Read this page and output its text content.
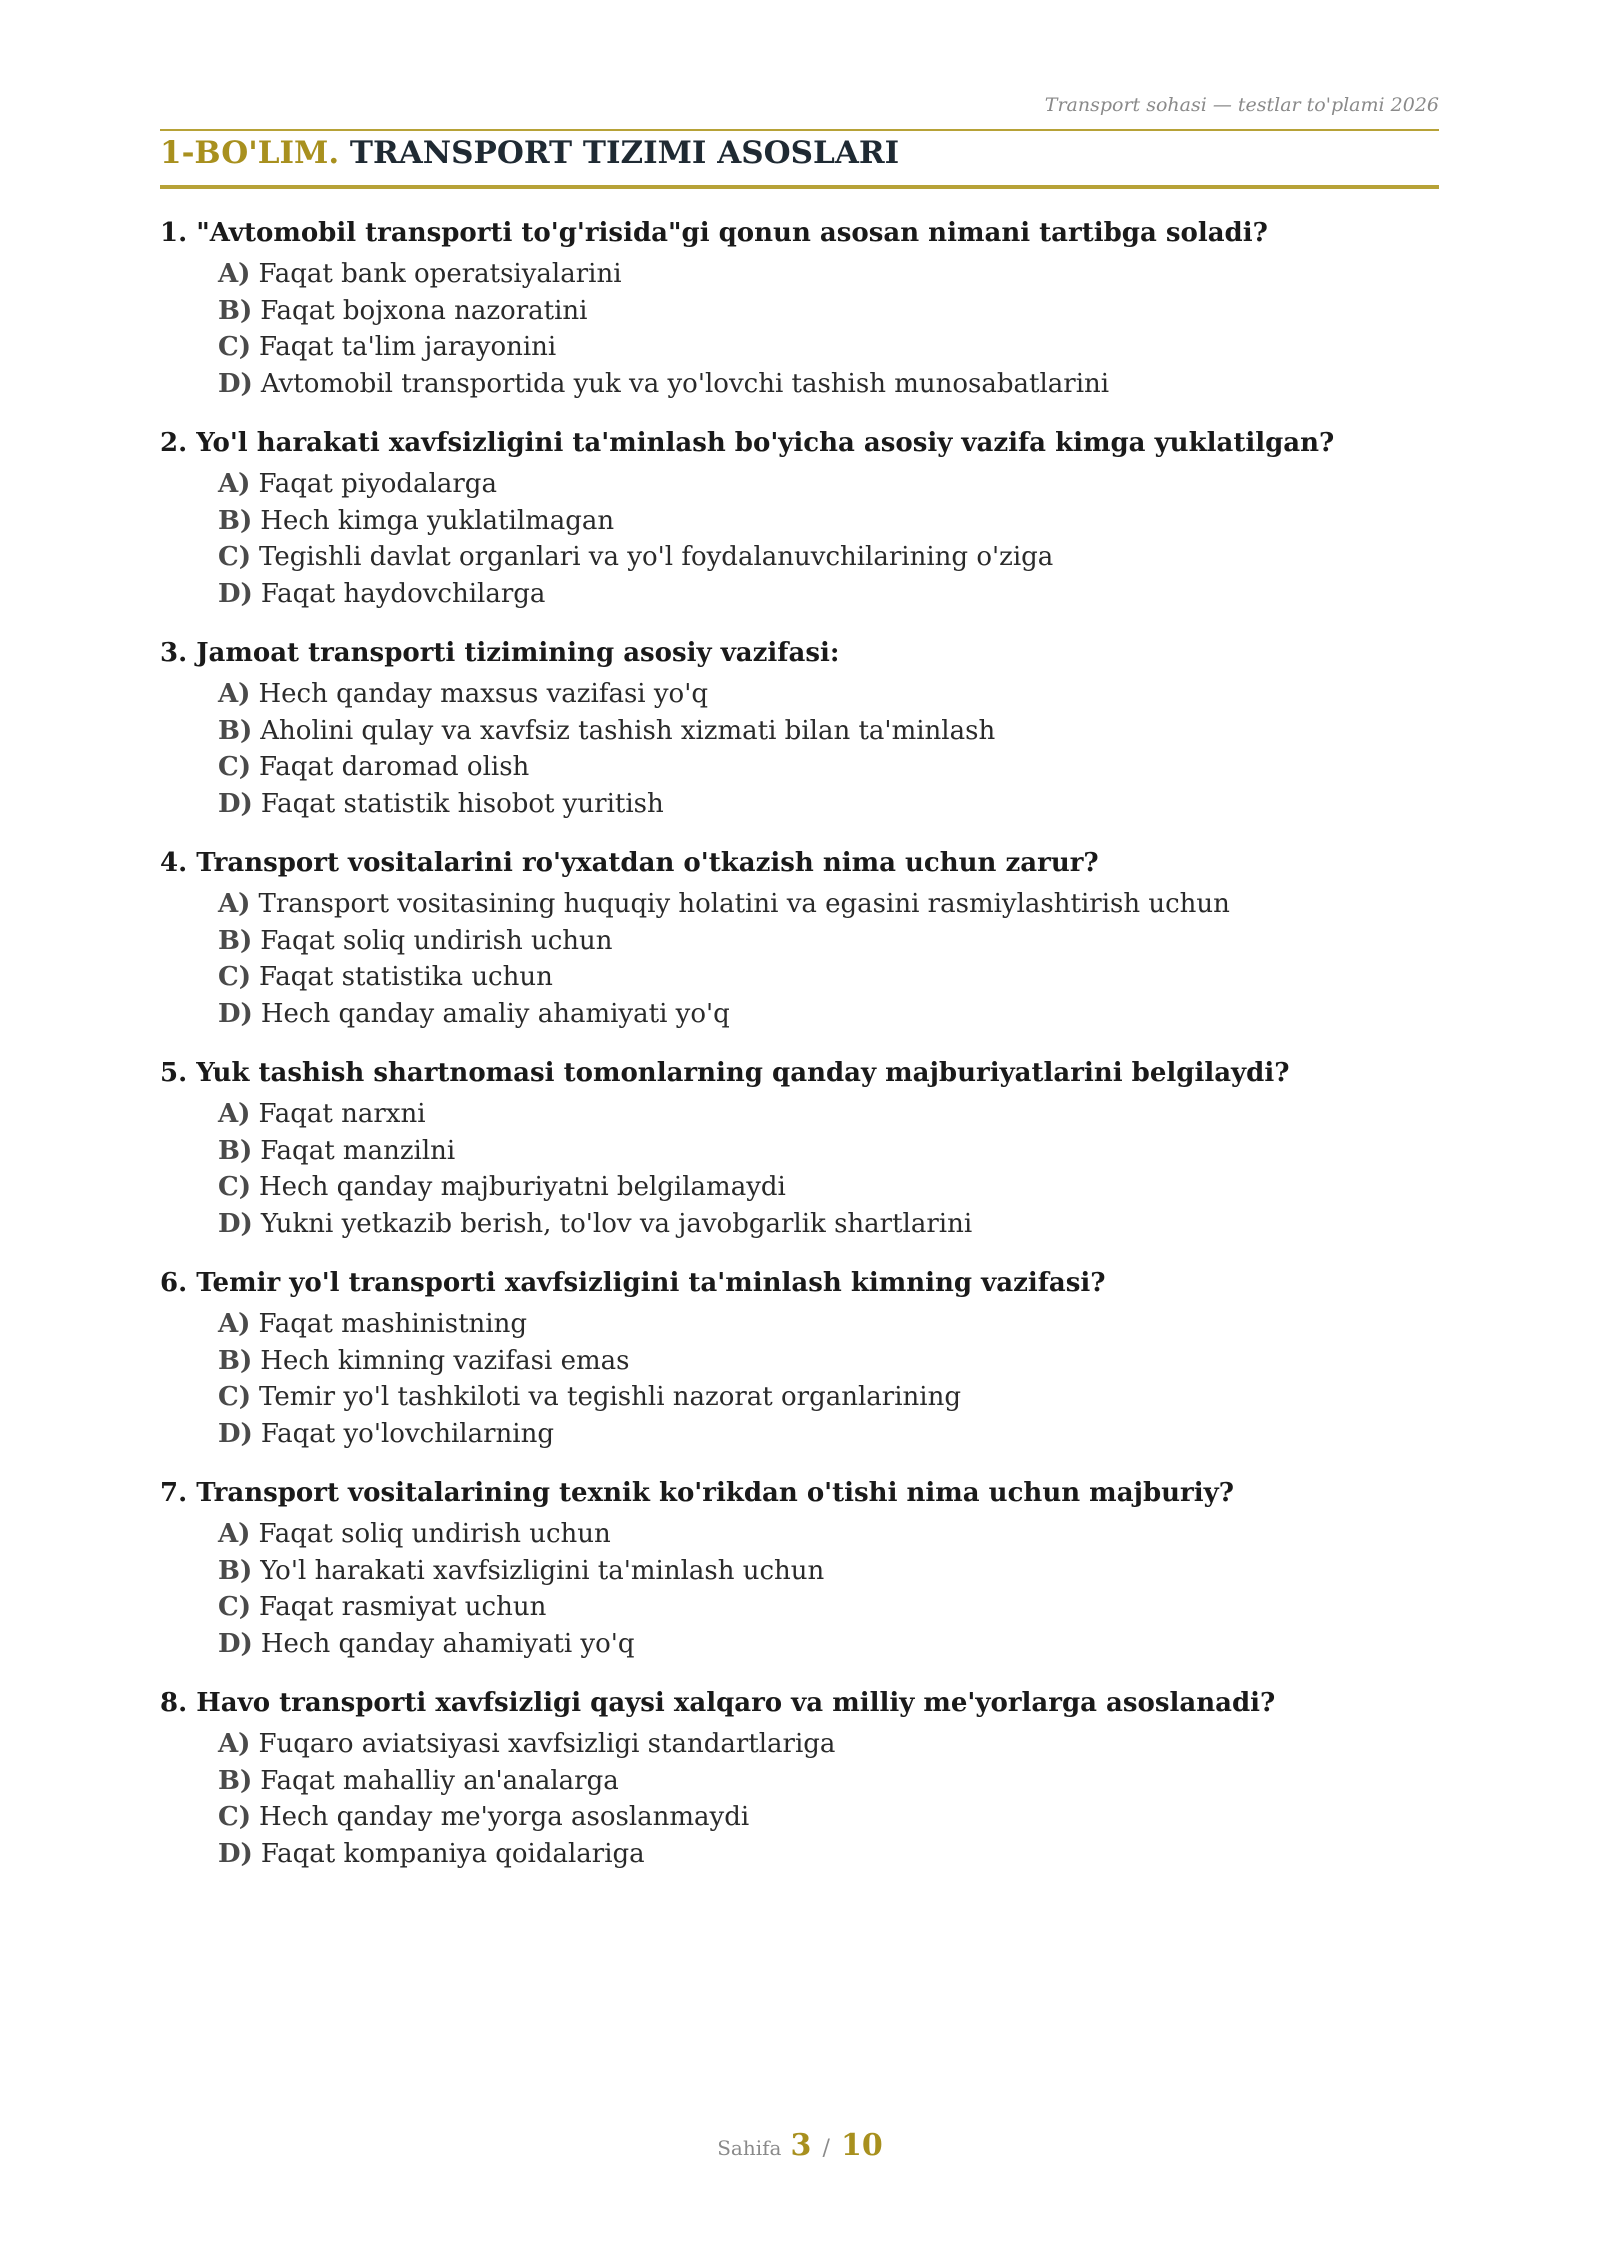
Transport sohasi — testlar to'plami 2026
1-BO'LIM. TRANSPORT TIZIMI ASOSLARI
1. "Avtomobil transporti to'g'risida"gi qonun asosan nimani tartibga soladi?
A) Faqat bank operatsiyalarini
B) Faqat bojxona nazoratini
C) Faqat ta'lim jarayonini
D) Avtomobil transportida yuk va yo'lovchi tashish munosabatlarini
2. Yo'l harakati xavfsizligini ta'minlash bo'yicha asosiy vazifa kimga yuklatilgan?
A) Faqat piyodalarga
B) Hech kimga yuklatilmagan
C) Tegishli davlat organlari va yo'l foydalanuvchilarining o'ziga
D) Faqat haydovchilarga
3. Jamoat transporti tizimining asosiy vazifasi:
A) Hech qanday maxsus vazifasi yo'q
B) Aholini qulay va xavfsiz tashish xizmati bilan ta'minlash
C) Faqat daromad olish
D) Faqat statistik hisobot yuritish
4. Transport vositalarini ro'yxatdan o'tkazish nima uchun zarur?
A) Transport vositasining huquqiy holatini va egasini rasmiylashtirish uchun
B) Faqat soliq undirish uchun
C) Faqat statistika uchun
D) Hech qanday amaliy ahamiyati yo'q
5. Yuk tashish shartnomasi tomonlarning qanday majburiyatlarini belgilaydi?
A) Faqat narxni
B) Faqat manzilni
C) Hech qanday majburiyatni belgilamaydi
D) Yukni yetkazib berish, to'lov va javobgarlik shartlarini
6. Temir yo'l transporti xavfsizligini ta'minlash kimning vazifasi?
A) Faqat mashinistning
B) Hech kimning vazifasi emas
C) Temir yo'l tashkiloti va tegishli nazorat organlarining
D) Faqat yo'lovchilarning
7. Transport vositalarining texnik ko'rikdan o'tishi nima uchun majburiy?
A) Faqat soliq undirish uchun
B) Yo'l harakati xavfsizligini ta'minlash uchun
C) Faqat rasmiyat uchun
D) Hech qanday ahamiyati yo'q
8. Havo transporti xavfsizligi qaysi xalqaro va milliy me'yorlarga asoslanadi?
A) Fuqaro aviatsiyasi xavfsizligi standartlariga
B) Faqat mahalliy an'analarga
C) Hech qanday me'yorga asoslanmaydi
D) Faqat kompaniya qoidalariga
Sahifa 3 / 10
